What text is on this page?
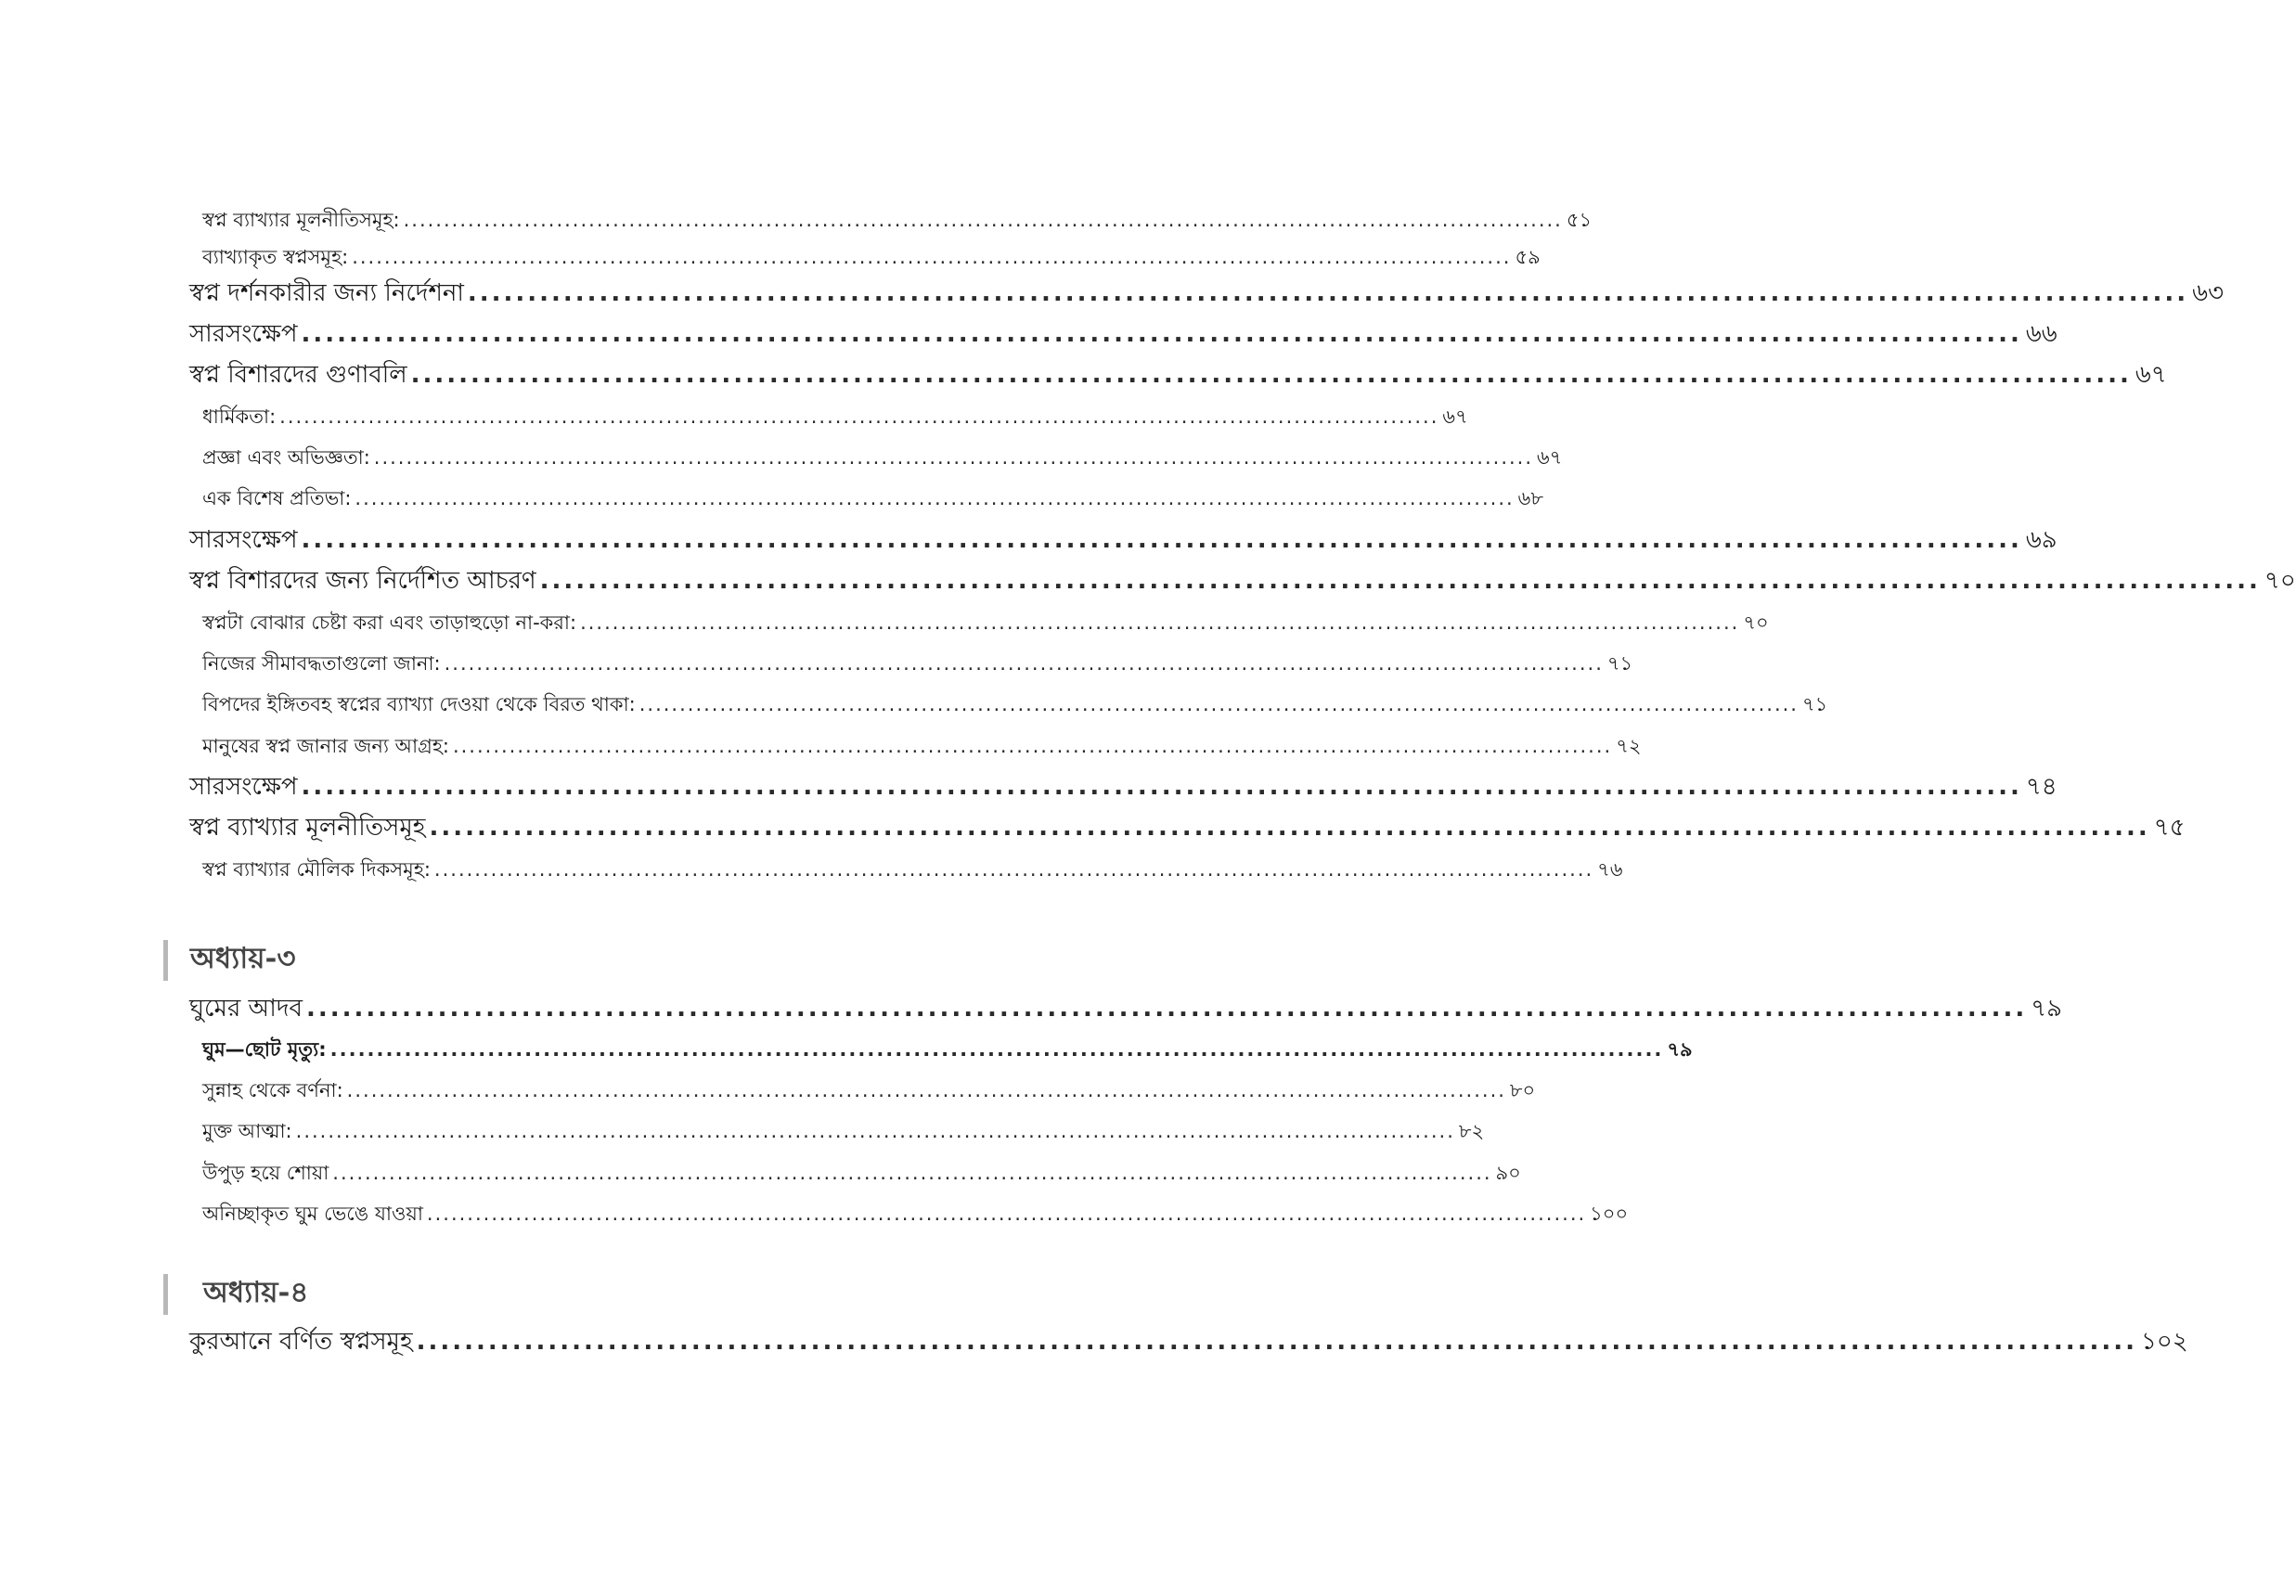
স্বপ্ন ব্যাখ্যার মূলনীতিসমূহ: ................................................................................................................................................ ৫১
ব্যাখ্যাকৃত স্বপ্নসমূহ: ................................................................................................................................................ ৫৯
স্বপ্ন দর্শনকারীর জন্য নির্দেশনা ................................................................................................................................................ ৬৩
সারসংক্ষেপ ................................................................................................................................................ ৬৬
স্বপ্ন বিশারদের গুণাবলি ................................................................................................................................................ ৬৭
ধার্মিকতা: ................................................................................................................................................ ৬৭
প্রজ্ঞা এবং অভিজ্ঞতা: ................................................................................................................................................ ৬৭
এক বিশেষ প্রতিভা: ................................................................................................................................................ ৬৮
সারসংক্ষেপ ................................................................................................................................................ ৬৯
স্বপ্ন বিশারদের জন্য নির্দেশিত আচরণ ................................................................................................................................................ ৭০
স্বপ্নটা বোঝার চেষ্টা করা এবং তাড়াহুড়ো না-করা: ................................................................................................................................................ ৭০
নিজের সীমাবদ্ধতাগুলো জানা: ................................................................................................................................................ ৭১
বিপদের ইঙ্গিতবহ স্বপ্নের ব্যাখ্যা দেওয়া থেকে বিরত থাকা: ................................................................................................................................................ ৭১
মানুষের স্বপ্ন জানার জন্য আগ্রহ: ................................................................................................................................................ ৭২
সারসংক্ষেপ ................................................................................................................................................ ৭৪
স্বপ্ন ব্যাখ্যার মূলনীতিসমূহ ................................................................................................................................................ ৭৫
স্বপ্ন ব্যাখ্যার মৌলিক দিকসমূহ: ................................................................................................................................................ ৭৬
অধ্যায়-৩
ঘুমের আদব ................................................................................................................................................ ৭৯
ঘুম—ছোট মৃত্যু: ................................................................................................................................................ ৭৯
সুন্নাহ থেকে বর্ণনা: ................................................................................................................................................ ৮০
মুক্ত আত্মা: ................................................................................................................................................ ৮২
উপুড় হয়ে শোয়া ................................................................................................................................................ ৯০
অনিচ্ছাকৃত ঘুম ভেঙে যাওয়া ................................................................................................................................................ ১০০
অধ্যায়-৪
কুরআনে বর্ণিত স্বপ্নসমূহ ................................................................................................................................................ ১০২
